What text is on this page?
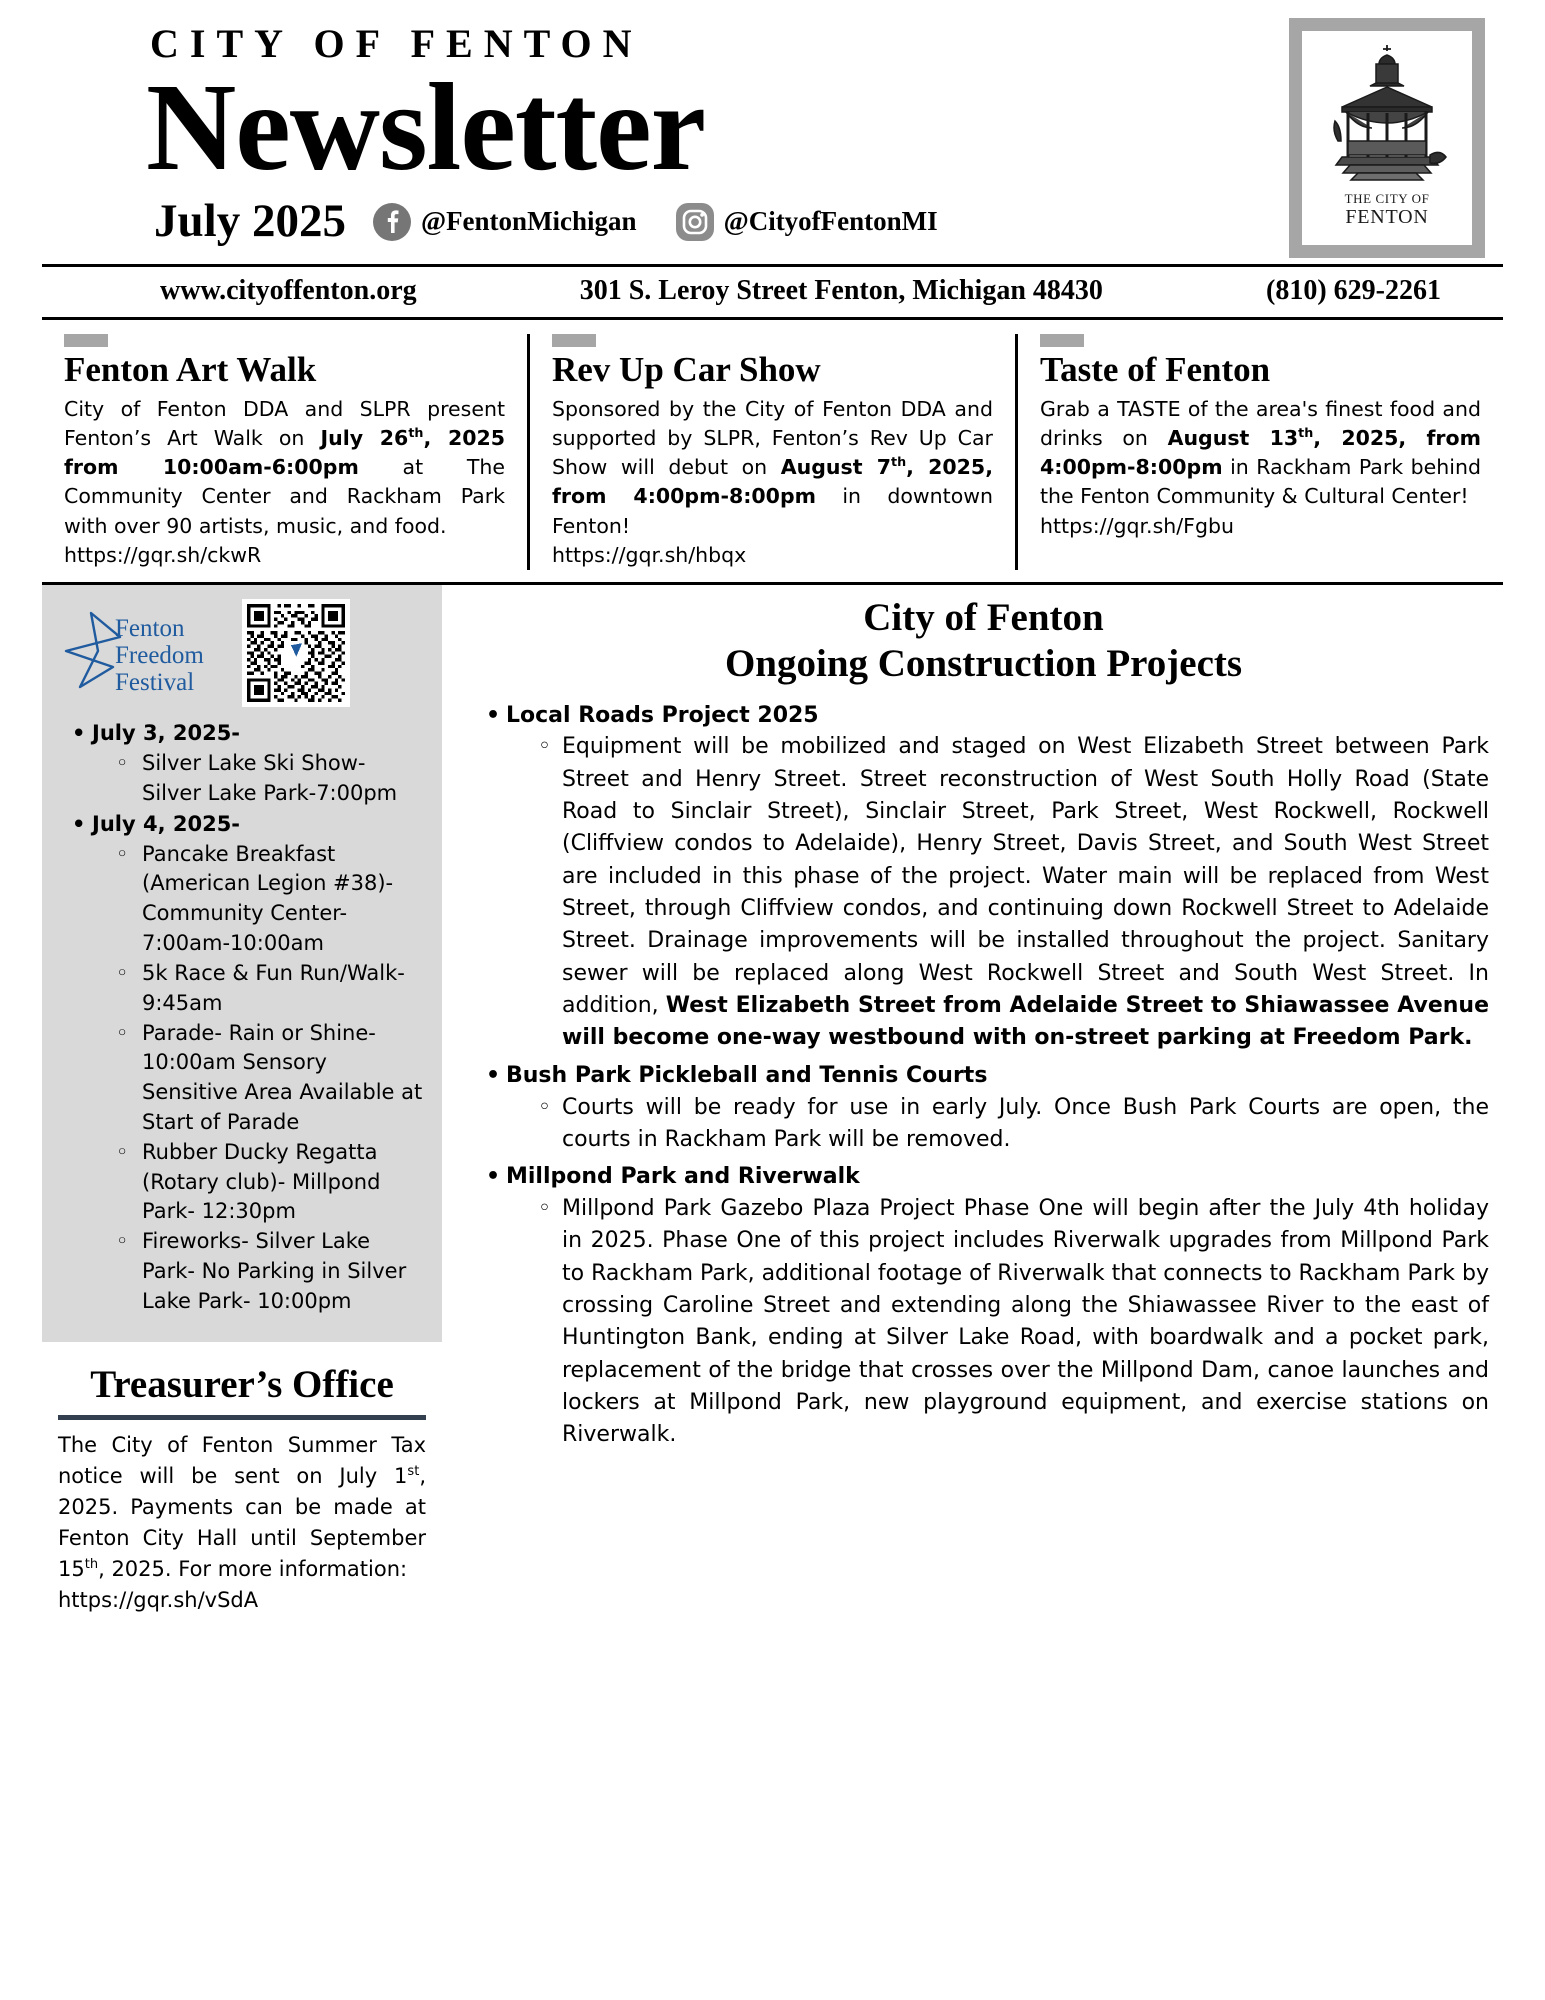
CITY OF FENTON
Newsletter
July 2025	@FentonMichigan	@CityofFentonMI
THE CITY OF
FENTON
www.cityoffenton.org	301 S. Leroy Street Fenton, Michigan 48430	(810) 629-2261
Fenton Art Walk
City of Fenton DDA and SLPR present Fenton’s Art Walk on July 26th, 2025 from 10:00am-6:00pm at The Community Center and Rackham Park with over 90 artists, music, and food.
https://gqr.sh/ckwR
Rev Up Car Show
Sponsored by the City of Fenton DDA and supported by SLPR, Fenton’s Rev Up Car Show will debut on August 7th, 2025, from 4:00pm-8:00pm in downtown Fenton!
https://gqr.sh/hbqx
Taste of Fenton
Grab a TASTE of the area's finest food and drinks on August 13th, 2025, from 4:00pm-8:00pm in Rackham Park behind the Fenton Community & Cultural Center!
https://gqr.sh/Fgbu
Fenton
Freedom
Festival
• July 3, 2025-
◦ Silver Lake Ski Show- Silver Lake Park-7:00pm
• July 4, 2025-
◦ Pancake Breakfast (American Legion #38)- Community Center- 7:00am-10:00am
◦ 5k Race & Fun Run/Walk- 9:45am
◦ Parade- Rain or Shine- 10:00am Sensory Sensitive Area Available at Start of Parade
◦ Rubber Ducky Regatta (Rotary club)- Millpond Park- 12:30pm
◦ Fireworks- Silver Lake Park- No Parking in Silver Lake Park- 10:00pm
Treasurer’s Office
The City of Fenton Summer Tax notice will be sent on July 1st, 2025. Payments can be made at Fenton City Hall until September 15th, 2025. For more information:
https://gqr.sh/vSdA
City of Fenton
Ongoing Construction Projects
• Local Roads Project 2025
◦ Equipment will be mobilized and staged on West Elizabeth Street between Park Street and Henry Street. Street reconstruction of West South Holly Road (State Road to Sinclair Street), Sinclair Street, Park Street, West Rockwell, Rockwell (Cliffview condos to Adelaide), Henry Street, Davis Street, and South West Street are included in this phase of the project. Water main will be replaced from West Street, through Cliffview condos, and continuing down Rockwell Street to Adelaide Street. Drainage improvements will be installed throughout the project. Sanitary sewer will be replaced along West Rockwell Street and South West Street. In addition, West Elizabeth Street from Adelaide Street to Shiawassee Avenue will become one-way westbound with on-street parking at Freedom Park.
• Bush Park Pickleball and Tennis Courts
◦ Courts will be ready for use in early July. Once Bush Park Courts are open, the courts in Rackham Park will be removed.
• Millpond Park and Riverwalk
◦ Millpond Park Gazebo Plaza Project Phase One will begin after the July 4th holiday in 2025. Phase One of this project includes Riverwalk upgrades from Millpond Park to Rackham Park, additional footage of Riverwalk that connects to Rackham Park by crossing Caroline Street and extending along the Shiawassee River to the east of Huntington Bank, ending at Silver Lake Road, with boardwalk and a pocket park, replacement of the bridge that crosses over the Millpond Dam, canoe launches and lockers at Millpond Park, new playground equipment, and exercise stations on Riverwalk.
